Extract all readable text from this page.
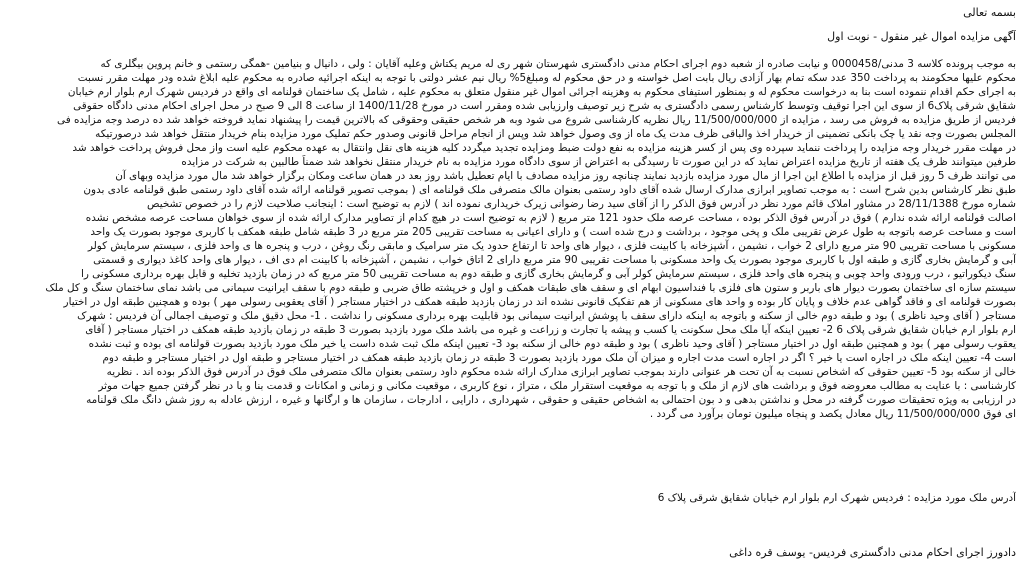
بسمه تعالی
آگهی مزایده اموال غیر منقول - نوبت اول
به موجب پرونده کلاسه 3 مدنی/0000458 و نیابت صادره از شعبه دوم اجرای احکام مدنی دادگستری شهرستان شهر ری له مریم یکتاش وعلیه آقایان : ولی ، دانیال و بنیامین -همگی رستمی و خانم پروین بیگلری که
محکوم علیها محکومند به پرداخت 350 عدد سکه تمام بهار آزادی ریال بابت اصل خواسته و در حق محکوم له ومبلغ5% ریال نیم عشر دولتی با توجه به اینکه اجرائیه صادره به محکوم علیه ابلاغ شده ودر مهلت مقرر نسبت
به اجرای حکم اقدام ننموده است بنا به درخواست محکوم له و بمنظور استیفای محکوم به وهزینه اجرائی اموال غیر منقول متعلق به محکوم علیه ، شامل یک ساختمان قولنامه ای واقع در فردیس شهرک ارم بلوار ارم خیابان
شقایق شرقی پلاک6 از سوی این اجرا توقیف وتوسط کارشناس رسمی دادگستری به شرح زیر توصیف وارزیابی شده ومقرر است در مورخ 1400/11/28 از ساعت 8 الی 9 صبح در محل اجرای احکام مدنی دادگاه حقوقی
فردیس از طریق مزایده به فروش می رسد ، مزایده از 11/500/000/000 ریال نظریه کارشناسی شروع می شود وبه هر شخص حقیقی وحقوقی که بالاترین قیمت را پیشنهاد نماید فروخته خواهد شد ده درصد وجه مزایده فی
المجلس بصورت وجه نقد یا چک بانکی تضمینی از خریدار اخذ والباقی ظرف مدت یک ماه از وی وصول خواهد شد وپس از انجام مراحل قانونی وصدور حکم تملیک مورد مزایده بنام خریدار منتقل خواهد شد درصورتیکه
در مهلت مقرر خریدار وجه مزایده را پرداخت ننماید سپرده وی پس از کسر هزینه مزایده به نفع دولت ضبط ومزایده تجدید میگردد کلیه هزینه های نقل وانتقال به عهده محکوم علیه است واز محل فروش پرداخت خواهد شد
طرفین میتوانند ظرف یک هفته از تاریخ مزایده اعتراض نماید که در این صورت تا رسیدگی به اعتراض از سوی دادگاه مورد مزایده به نام خریدار منتقل نخواهد شد ضمناً طالبین به شرکت در مزایده
می توانند ظرف 5 روز قبل از مزایده با اطلاع این اجرا از مال مورد مزایده بازدید نمایند چنانچه روز مزایده مصادف با ایام تعطیل باشد روز بعد در همان ساعت ومکان برگزار خواهد شد مال مورد مزایده وبهای آن
طبق نظر کارشناس بدین شرح است : به موجب تصاویر ابرازی مدارک ارسال شده آقای داود رستمی بعنوان مالک متصرفی ملک قولنامه ای ( بموجب تصویر قولنامه ارائه شده آقای داود رستمی طبق قولنامه عادی بدون
شماره مورخ 28/11/1388 در مشاور املاک قائم مورد نظر در آدرس فوق الذکر را از آقای سید رضا رضوانی زیرک خریداری نموده اند ) لازم به توضیح است : اینجانب صلاحیت لازم را در خصوص تشخیص
اصالت قولنامه ارائه شده ندارم ) فوق در آدرس فوق الذکر بوده ، مساحت عرصه ملک حدود 121 متر مربع ( لازم به توضیح است در هیچ کدام از تصاویر مدارک ارائه شده از سوی خواهان مساحت عرصه مشخص نشده
است و مساحت عرصه باتوجه به طول عرض تقریبی ملک و پخی موجود ، برداشت و درج شده است ) و دارای اعیانی به مساحت تقریبی 205 متر مربع در 3 طبقه شامل طبقه همکف با کاربری موجود بصورت یک واحد
مسکونی با مساحت تقریبی 90 متر مربع دارای 2 خواب ، نشیمن ، آشپزخانه با کابینت فلزی ، دیوار های واحد تا ارتفاع حدود یک متر سرامیک و مابقی رنگ روغن ، درب و پنجره ها ی واحد فلزی ، سیستم سرمایش کولر
آبی و گرمایش بخاری گازی و طبقه اول با کاربری موجود بصورت یک واحد مسکونی با مساحت تقریبی 90 متر مربع دارای 2 اتاق خواب ، نشیمن ، آشپزخانه با کابینت ام دی اف ، دیوار های واحد کاغذ دیواری و قسمتی
سنگ دیکوراتیو ، درب ورودی واحد چوبی و پنجره های واحد فلزی ، سیستم سرمایش کولر آبی و گرمایش بخاری گازی و طبقه دوم به مساحت تقریبی 50 متر مربع که در زمان بازدید تخلیه و قابل بهره برداری مسکونی را
سیستم سازه ای ساختمان بصورت دیوار های باربر و ستون های فلزی با فنداسیون ابهام ای و سقف های طبقات همکف و اول و خرپشته طاق ضربی و طبقه دوم با سقف ایرانیت سیمانی می باشد نمای ساختمان سنگ و کل ملک
بصورت قولنامه ای و فاقد گواهی عدم خلاف و پایان کار بوده و واحد های مسکونی از هم تفکیک قانونی نشده اند در زمان بازدید طبقه همکف در اختیار مستاجر ( آقای یعقوبی رسولی مهر ) بوده و همچنین طبقه اول در اختیار
مستاجر ( آقای وحید ناظری ) بود و طبقه دوم خالی از سکنه و باتوجه به اینکه دارای سقف با پوشش ایرانیت سیمانی بود قابلیت بهره برداری مسکونی را نداشت . 1- محل دقیق ملک و توصیف اجمالی آن فردیس : شهرک
ارم بلوار ارم خیابان شقایق شرقی پلاک 6 2- تعیین اینکه آیا ملک محل سکونت یا کسب و پیشه یا تجارت و زراعت و غیره می باشد ملک مورد بازدید بصورت 3 طبقه در زمان بازدید طبقه همکف در اختیار مستاجر ( آقای
یعقوب رسولی مهر ) بود و همچنین طبقه اول در اختیار مستاجر ( آقای وحید ناظری ) بود و طبقه دوم خالی از سکنه بود 3- تعیین اینکه ملک ثبت شده داست یا خیر ملک مورد بازدید بصورت قولنامه ای بوده و ثبت نشده
است 4- تعیین اینکه ملک در اجاره است یا خیر ؟ اگر در اجاره است مدت اجاره و میزان آن ملک مورد بازدید بصورت 3 طبقه در زمان بازدید طبقه همکف در اختیار مستاجر و طبقه اول در اختیار مستاجر و طبقه دوم
خالی از سکنه بود 5- تعیین حقوقی که اشخاص نسبت به آن تحت هر عنوانی دارند بموجب تصاویر ابرازی مدارک ارائه شده محکوم داود رستمی بعنوان مالک متصرفی ملک فوق در آدرس فوق الذکر بوده اند . نظریه
کارشناسی : با عنایت به مطالب معروضه فوق و برداشت های لازم از ملک و با توجه به موقعیت استقرار ملک ، متراژ ، نوع کاربری ، موقعیت مکانی و زمانی و امکانات و قدمت بنا و با در نظر گرفتن جمیع جهات موثر
در ارزیابی به ویژه تحقیقات صورت گرفته در محل و نداشتن بدهی و د بون احتمالی به اشخاص حقیقی و حقوقی ، شهرداری ، دارایی ، ادارجات ، سازمان ها و ارگانها و غیره ، ارزش عادله به روز شش دانگ ملک قولنامه
ای فوق 11/500/000/000 ریال معادل یکصد و پنجاه میلیون تومان برآورد می گردد .
آدرس ملک مورد مزایده : فردیس شهرک ارم بلوار ارم خیابان شقایق شرقی پلاک 6
دادورز اجرای احکام مدنی دادگستری فردیس- یوسف قره داغی
